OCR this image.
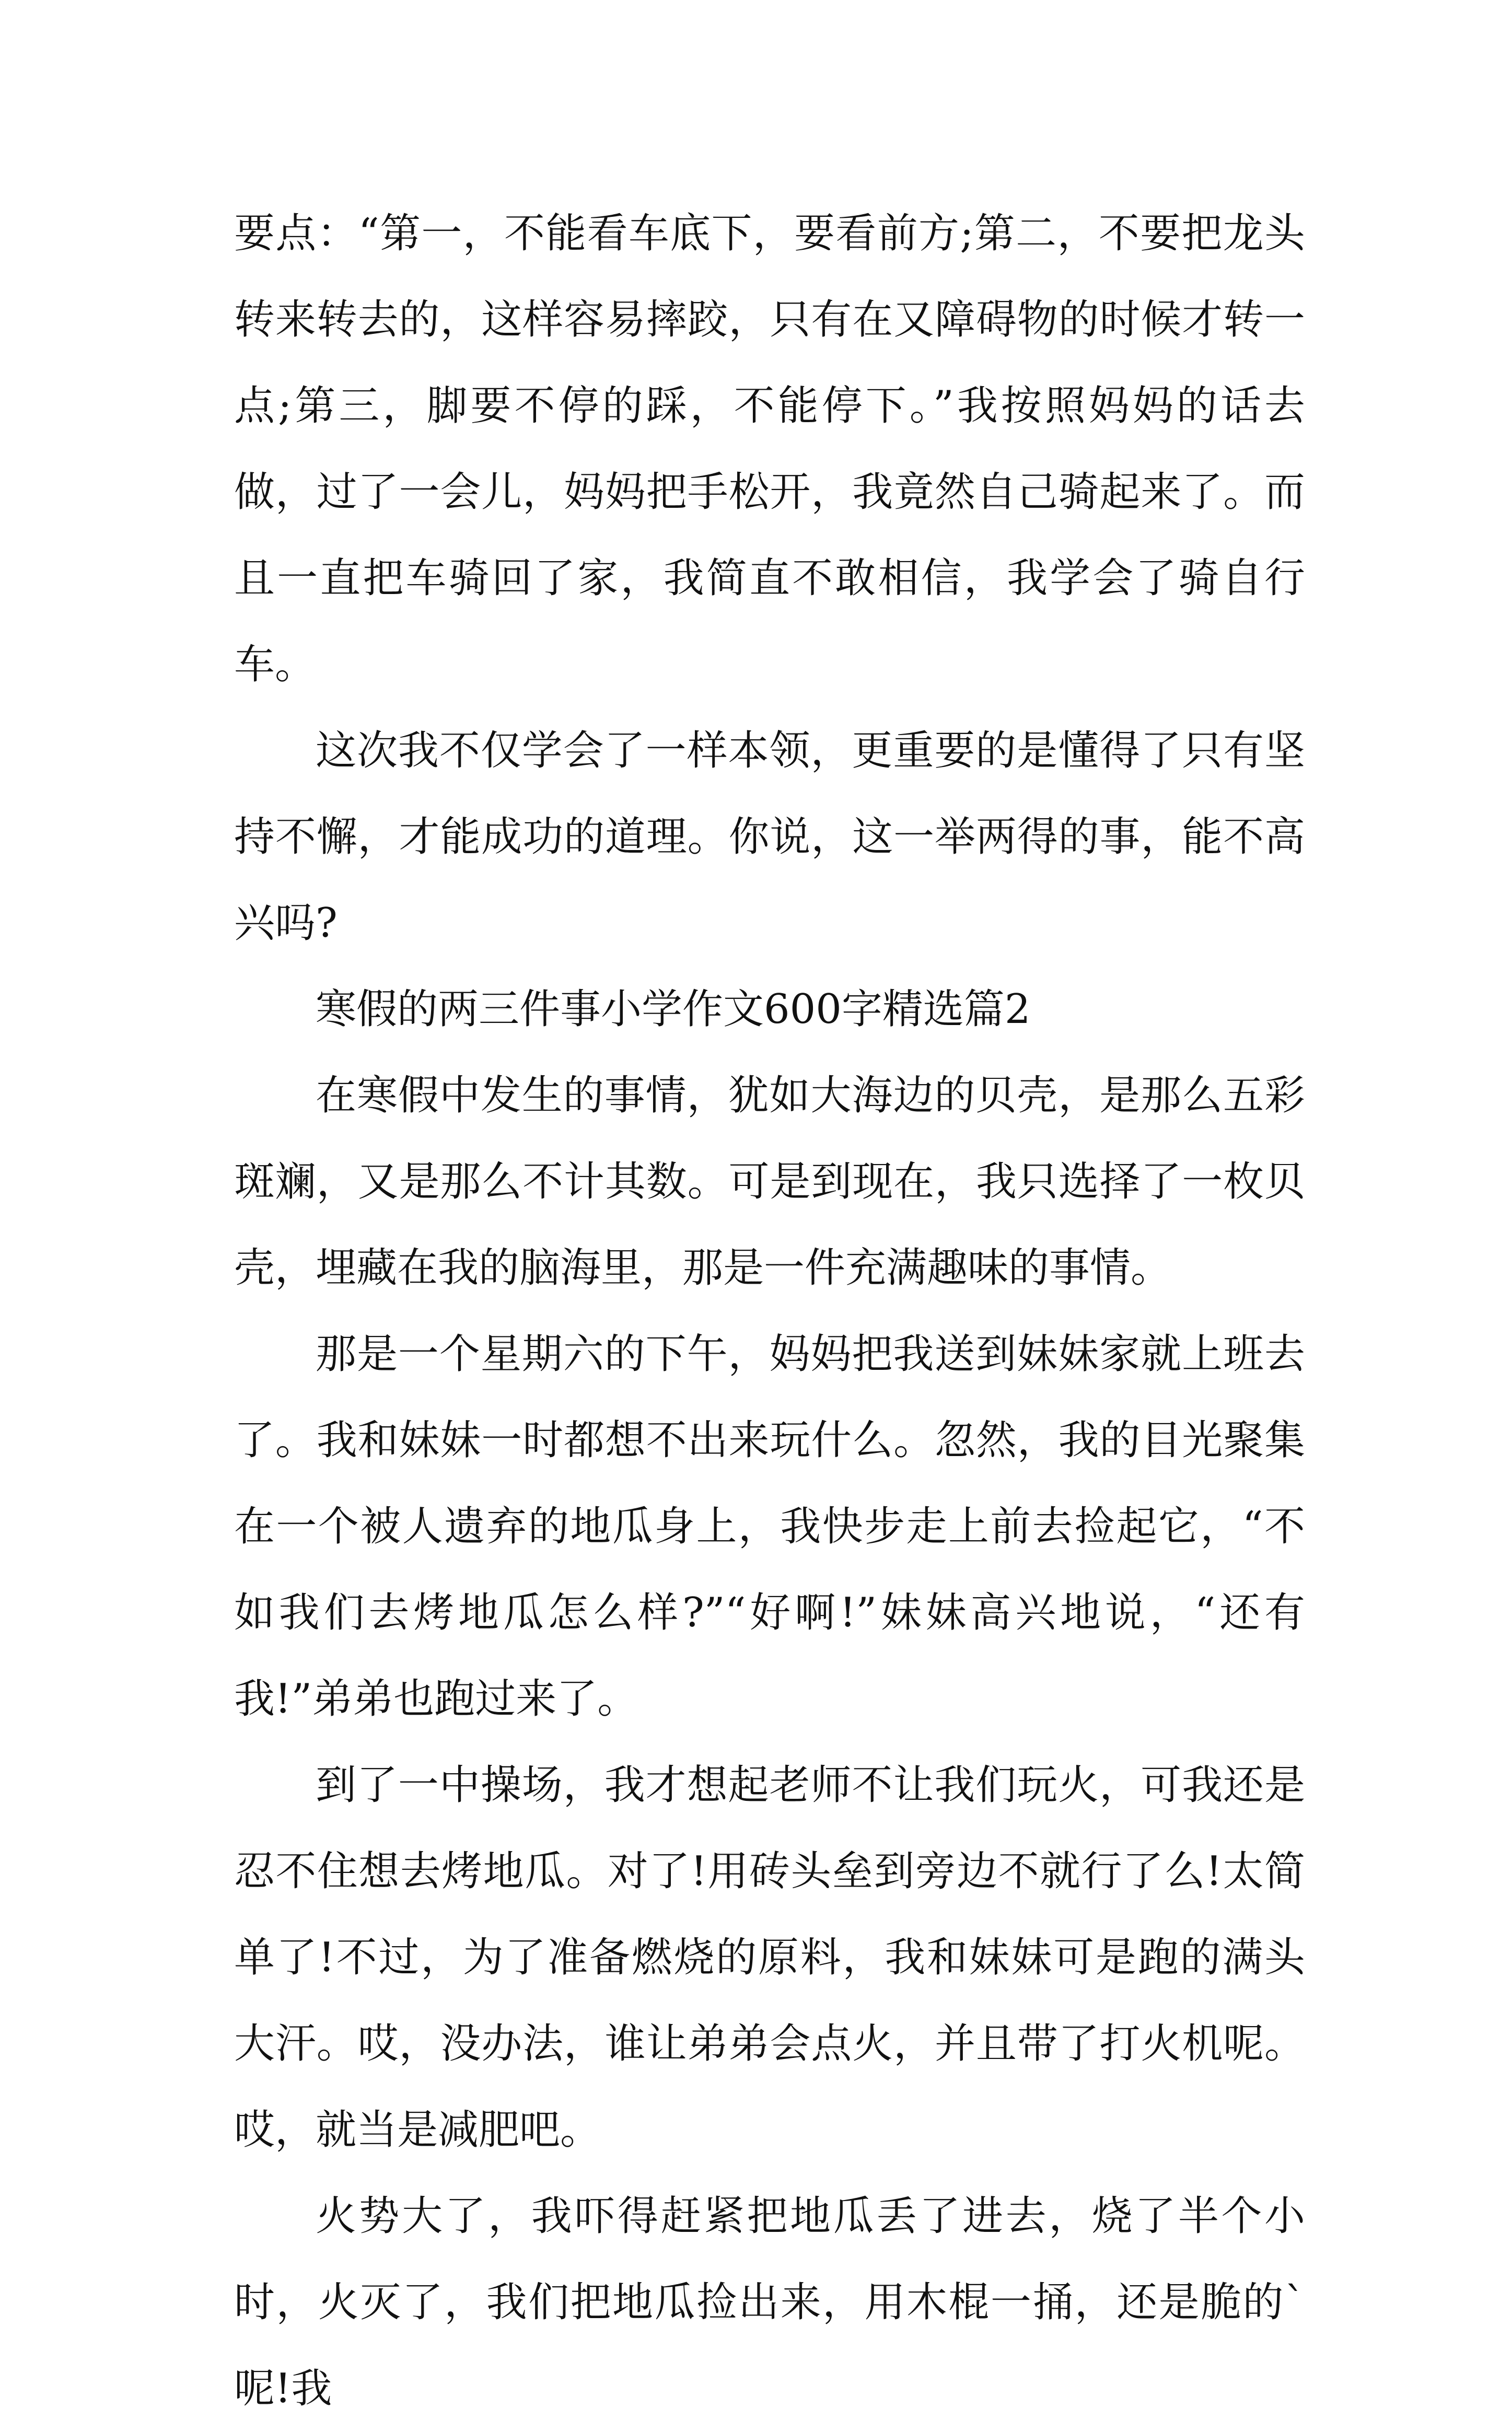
要点：“第一，不能看车底下，要看前方;第二，不要把龙头转来转去的，这样容易摔跤，只有在又障碍物的时候才转一点;第三，脚要不停的踩，不能停下。”我按照妈妈的话去做，过了一会儿，妈妈把手松开，我竟然自己骑起来了。而且一直把车骑回了家，我简直不敢相信，我学会了骑自行车。

这次我不仅学会了一样本领，更重要的是懂得了只有坚持不懈，才能成功的道理。你说，这一举两得的事，能不高兴吗?

寒假的两三件事小学作文600字精选篇2

在寒假中发生的事情，犹如大海边的贝壳，是那么五彩斑斓，又是那么不计其数。可是到现在，我只选择了一枚贝壳，埋藏在我的脑海里，那是一件充满趣味的事情。

那是一个星期六的下午，妈妈把我送到妹妹家就上班去了。我和妹妹一时都想不出来玩什么。忽然，我的目光聚集在一个被人遗弃的地瓜身上，我快步走上前去捡起它，“不如我们去烤地瓜怎么样?”“好啊!”妹妹高兴地说，“还有我!”弟弟也跑过来了。

到了一中操场，我才想起老师不让我们玩火，可我还是忍不住想去烤地瓜。对了!用砖头垒到旁边不就行了么!太简单了!不过，为了准备燃烧的原料，我和妹妹可是跑的满头大汗。哎，没办法，谁让弟弟会点火，并且带了打火机呢。哎，就当是减肥吧。

火势大了，我吓得赶紧把地瓜丢了进去，烧了半个小时，火灭了，我们把地瓜捡出来，用木棍一捅，还是脆的`呢!我
